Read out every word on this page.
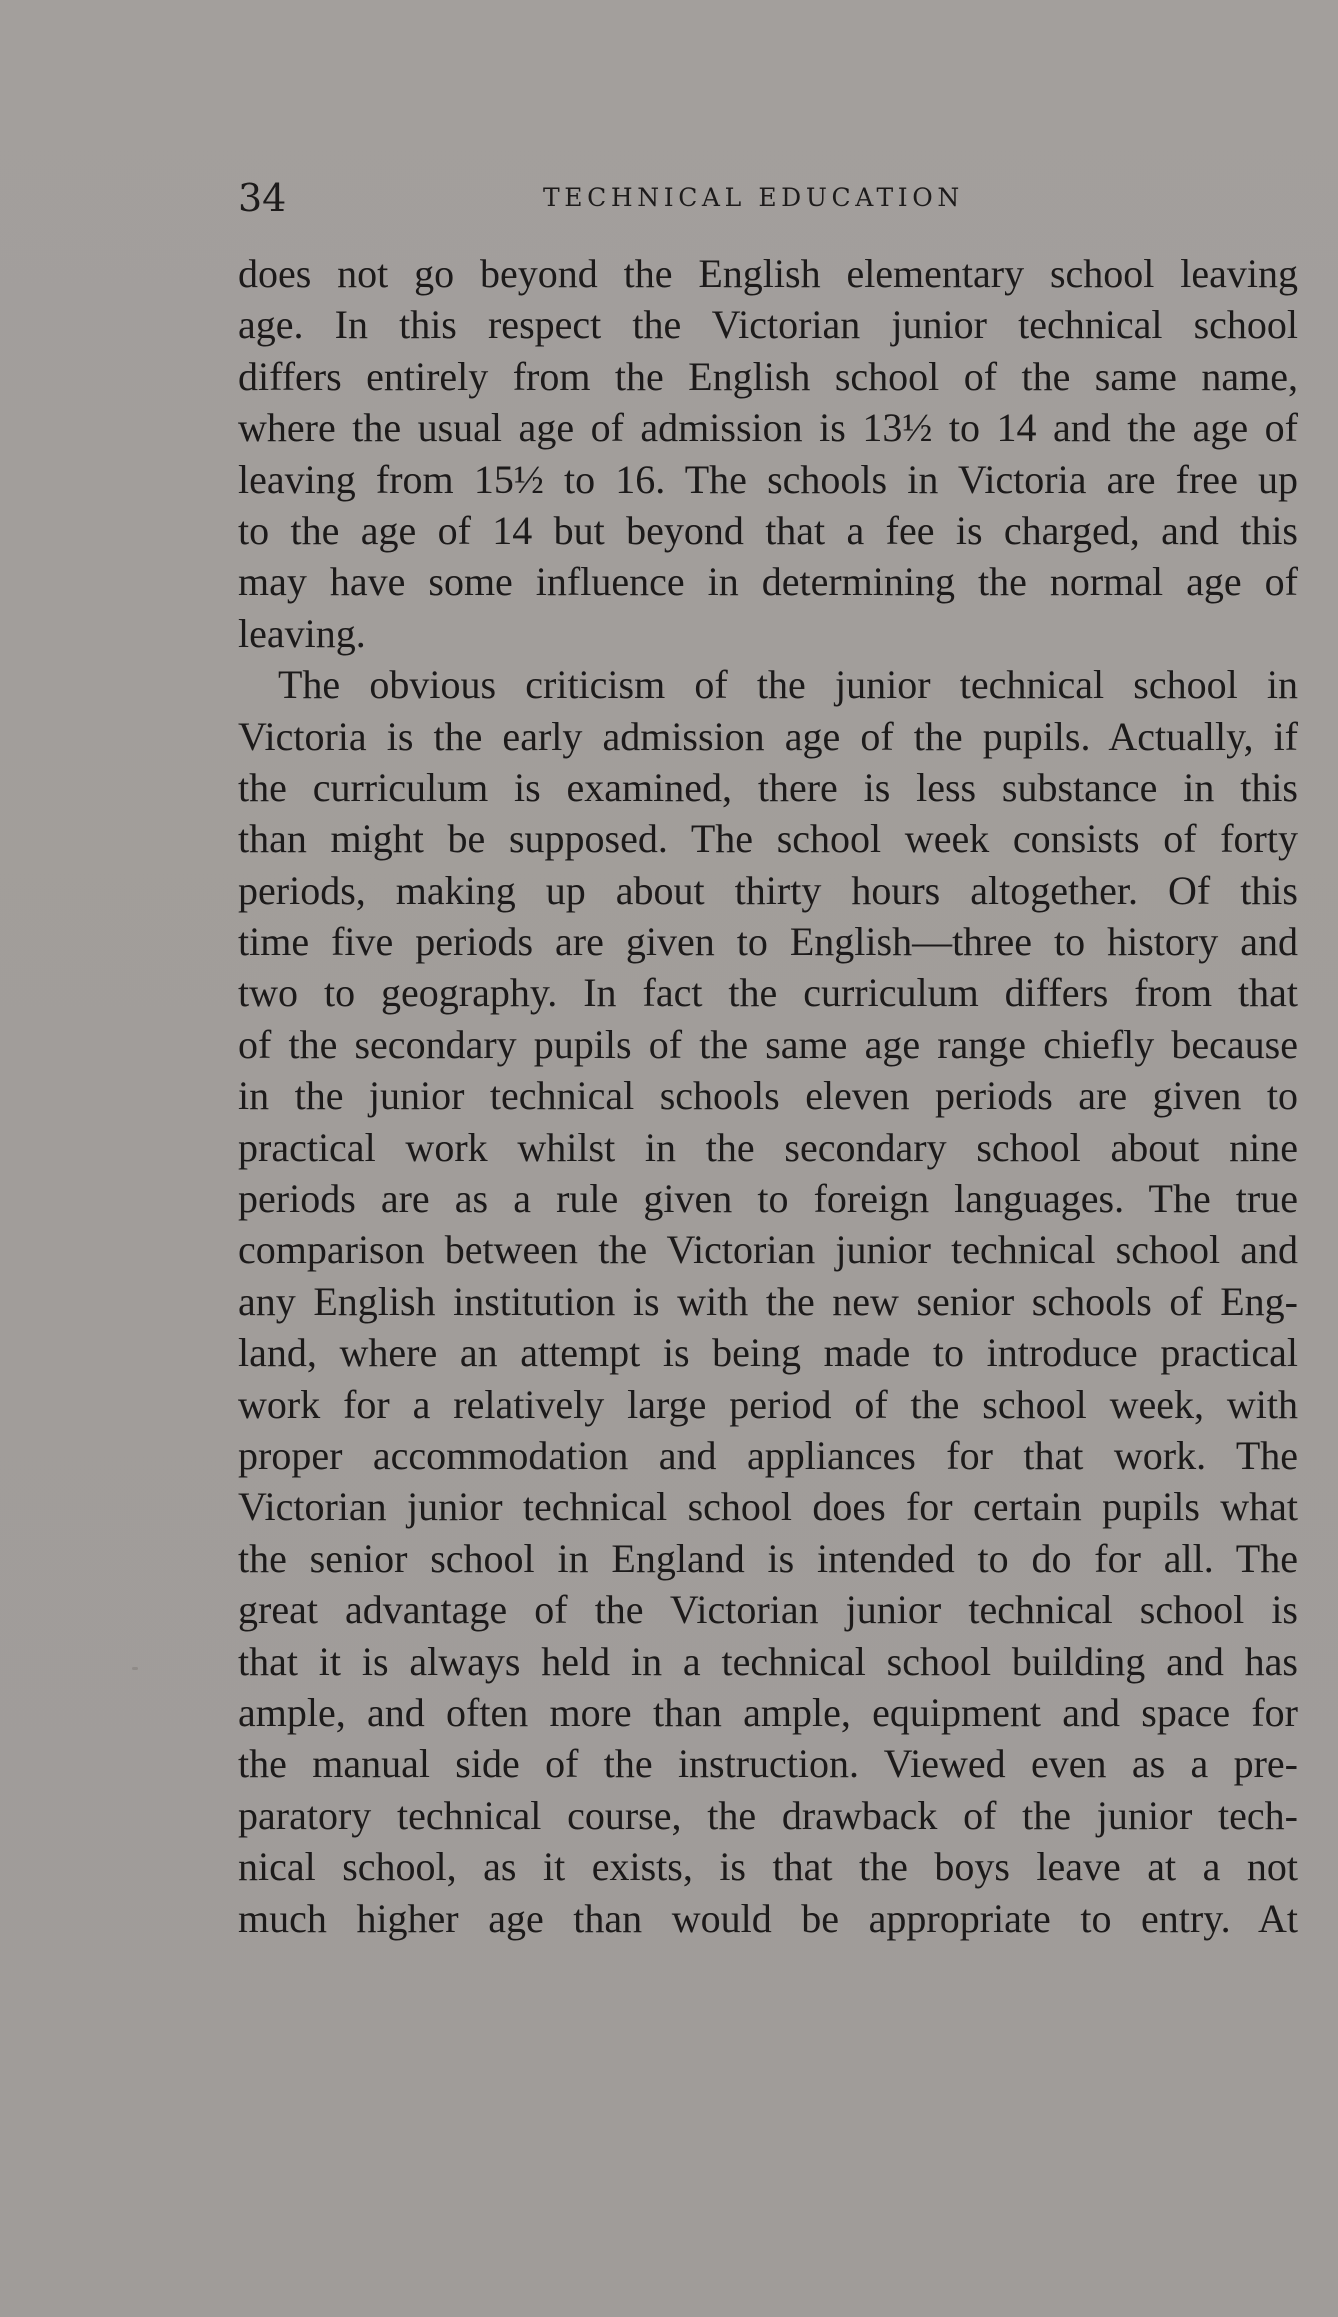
34	TECHNICAL EDUCATION
does not go beyond the English elementary school leaving
age. In this respect the Victorian junior technical school
differs entirely from the English school of the same name,
where the usual age of admission is 13½ to 14 and the age of
leaving from 15½ to 16. The schools in Victoria are free up
to the age of 14 but beyond that a fee is charged, and this
may have some influence in determining the normal age of
leaving.
The obvious criticism of the junior technical school in
Victoria is the early admission age of the pupils. Actually, if
the curriculum is examined, there is less substance in this
than might be supposed. The school week consists of forty
periods, making up about thirty hours altogether. Of this
time five periods are given to English—three to history and
two to geography. In fact the curriculum differs from that
of the secondary pupils of the same age range chiefly because
in the junior technical schools eleven periods are given to
practical work whilst in the secondary school about nine
periods are as a rule given to foreign languages. The true
comparison between the Victorian junior technical school and
any English institution is with the new senior schools of Eng-
land, where an attempt is being made to introduce practical
work for a relatively large period of the school week, with
proper accommodation and appliances for that work. The
Victorian junior technical school does for certain pupils what
the senior school in England is intended to do for all. The
great advantage of the Victorian junior technical school is
that it is always held in a technical school building and has
ample, and often more than ample, equipment and space for
the manual side of the instruction. Viewed even as a pre-
paratory technical course, the drawback of the junior tech-
nical school, as it exists, is that the boys leave at a not
much higher age than would be appropriate to entry. At
